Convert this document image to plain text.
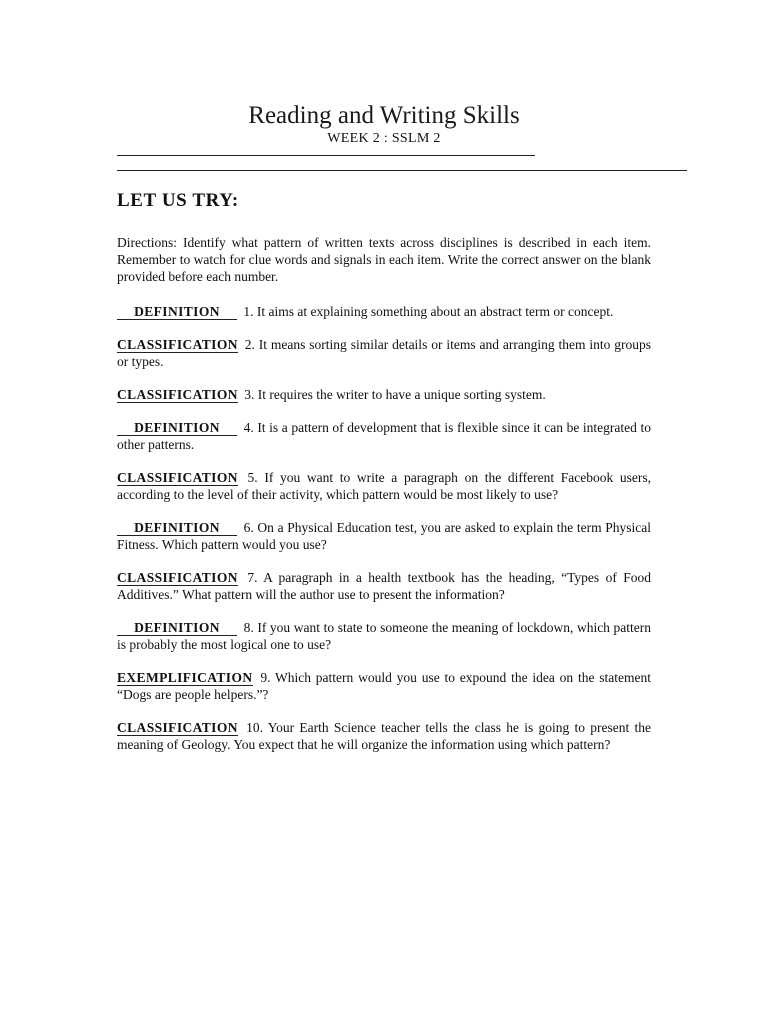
Reading and Writing Skills
WEEK 2 : SSLM 2
LET US TRY:
Directions: Identify what pattern of written texts across disciplines is described in each item. Remember to watch for clue words and signals in each item. Write the correct answer on the blank provided before each number.
DEFINITION 1. It aims at explaining something about an abstract term or concept.
CLASSIFICATION 2. It means sorting similar details or items and arranging them into groups or types.
CLASSIFICATION 3. It requires the writer to have a unique sorting system.
DEFINITION 4. It is a pattern of development that is flexible since it can be integrated to other patterns.
CLASSIFICATION 5. If you want to write a paragraph on the different Facebook users, according to the level of their activity, which pattern would be most likely to use?
DEFINITION 6. On a Physical Education test, you are asked to explain the term Physical Fitness. Which pattern would you use?
CLASSIFICATION 7. A paragraph in a health textbook has the heading, “Types of Food Additives.” What pattern will the author use to present the information?
DEFINITION 8. If you want to state to someone the meaning of lockdown, which pattern is probably the most logical one to use?
EXEMPLIFICATION 9. Which pattern would you use to expound the idea on the statement “Dogs are people helpers.”?
CLASSIFICATION 10. Your Earth Science teacher tells the class he is going to present the meaning of Geology. You expect that he will organize the information using which pattern?
